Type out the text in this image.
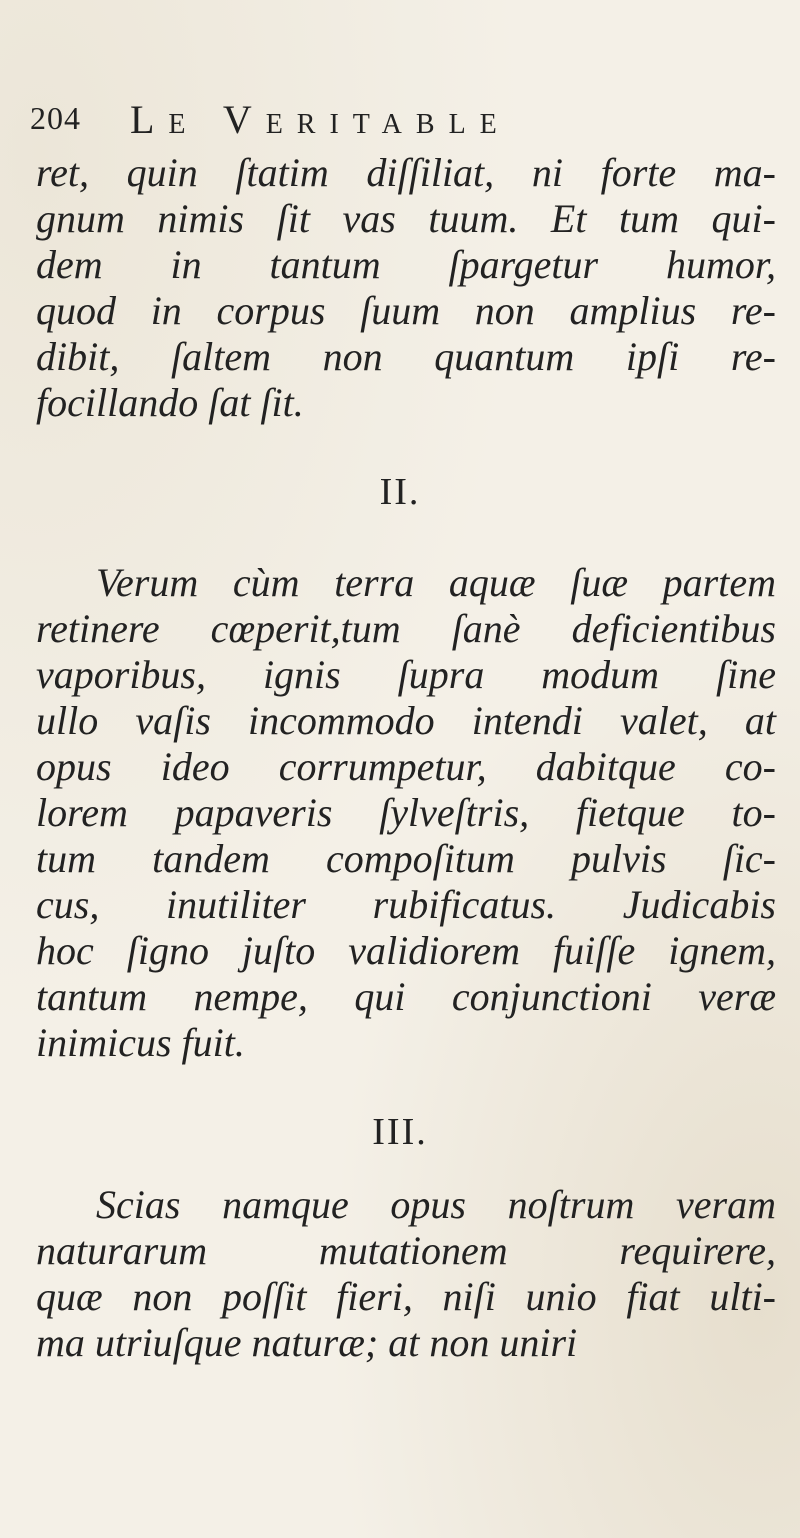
204 Le Veritable
ret, quin ſtatim diſſiliat, ni forte ma-
gnum nimis ſit vas tuum. Et tum qui-
dem in tantum ſpargetur humor,
quod in corpus ſuum non amplius re-
dibit, ſaltem non quantum ipſi re-
focillando ſat ſit.
II.
Verum cùm terra aquæ ſuæ partem
retinere cœperit,tum ſanè deficientibus
vaporibus, ignis ſupra modum ſine
ullo vaſis incommodo intendi valet, at
opus ideo corrumpetur, dabitque co-
lorem papaveris ſylveſtris, fietque to-
tum tandem compoſitum pulvis ſic-
cus, inutiliter rubificatus. Judicabis
hoc ſigno juſto validiorem fuiſſe ignem,
tantum nempe, qui conjunctioni veræ
inimicus fuit.
III.
Scias namque opus noſtrum veram
naturarum mutationem requirere,
quæ non poſſit fieri, niſi unio fiat ulti-
ma utriuſque naturæ; at non uniri
